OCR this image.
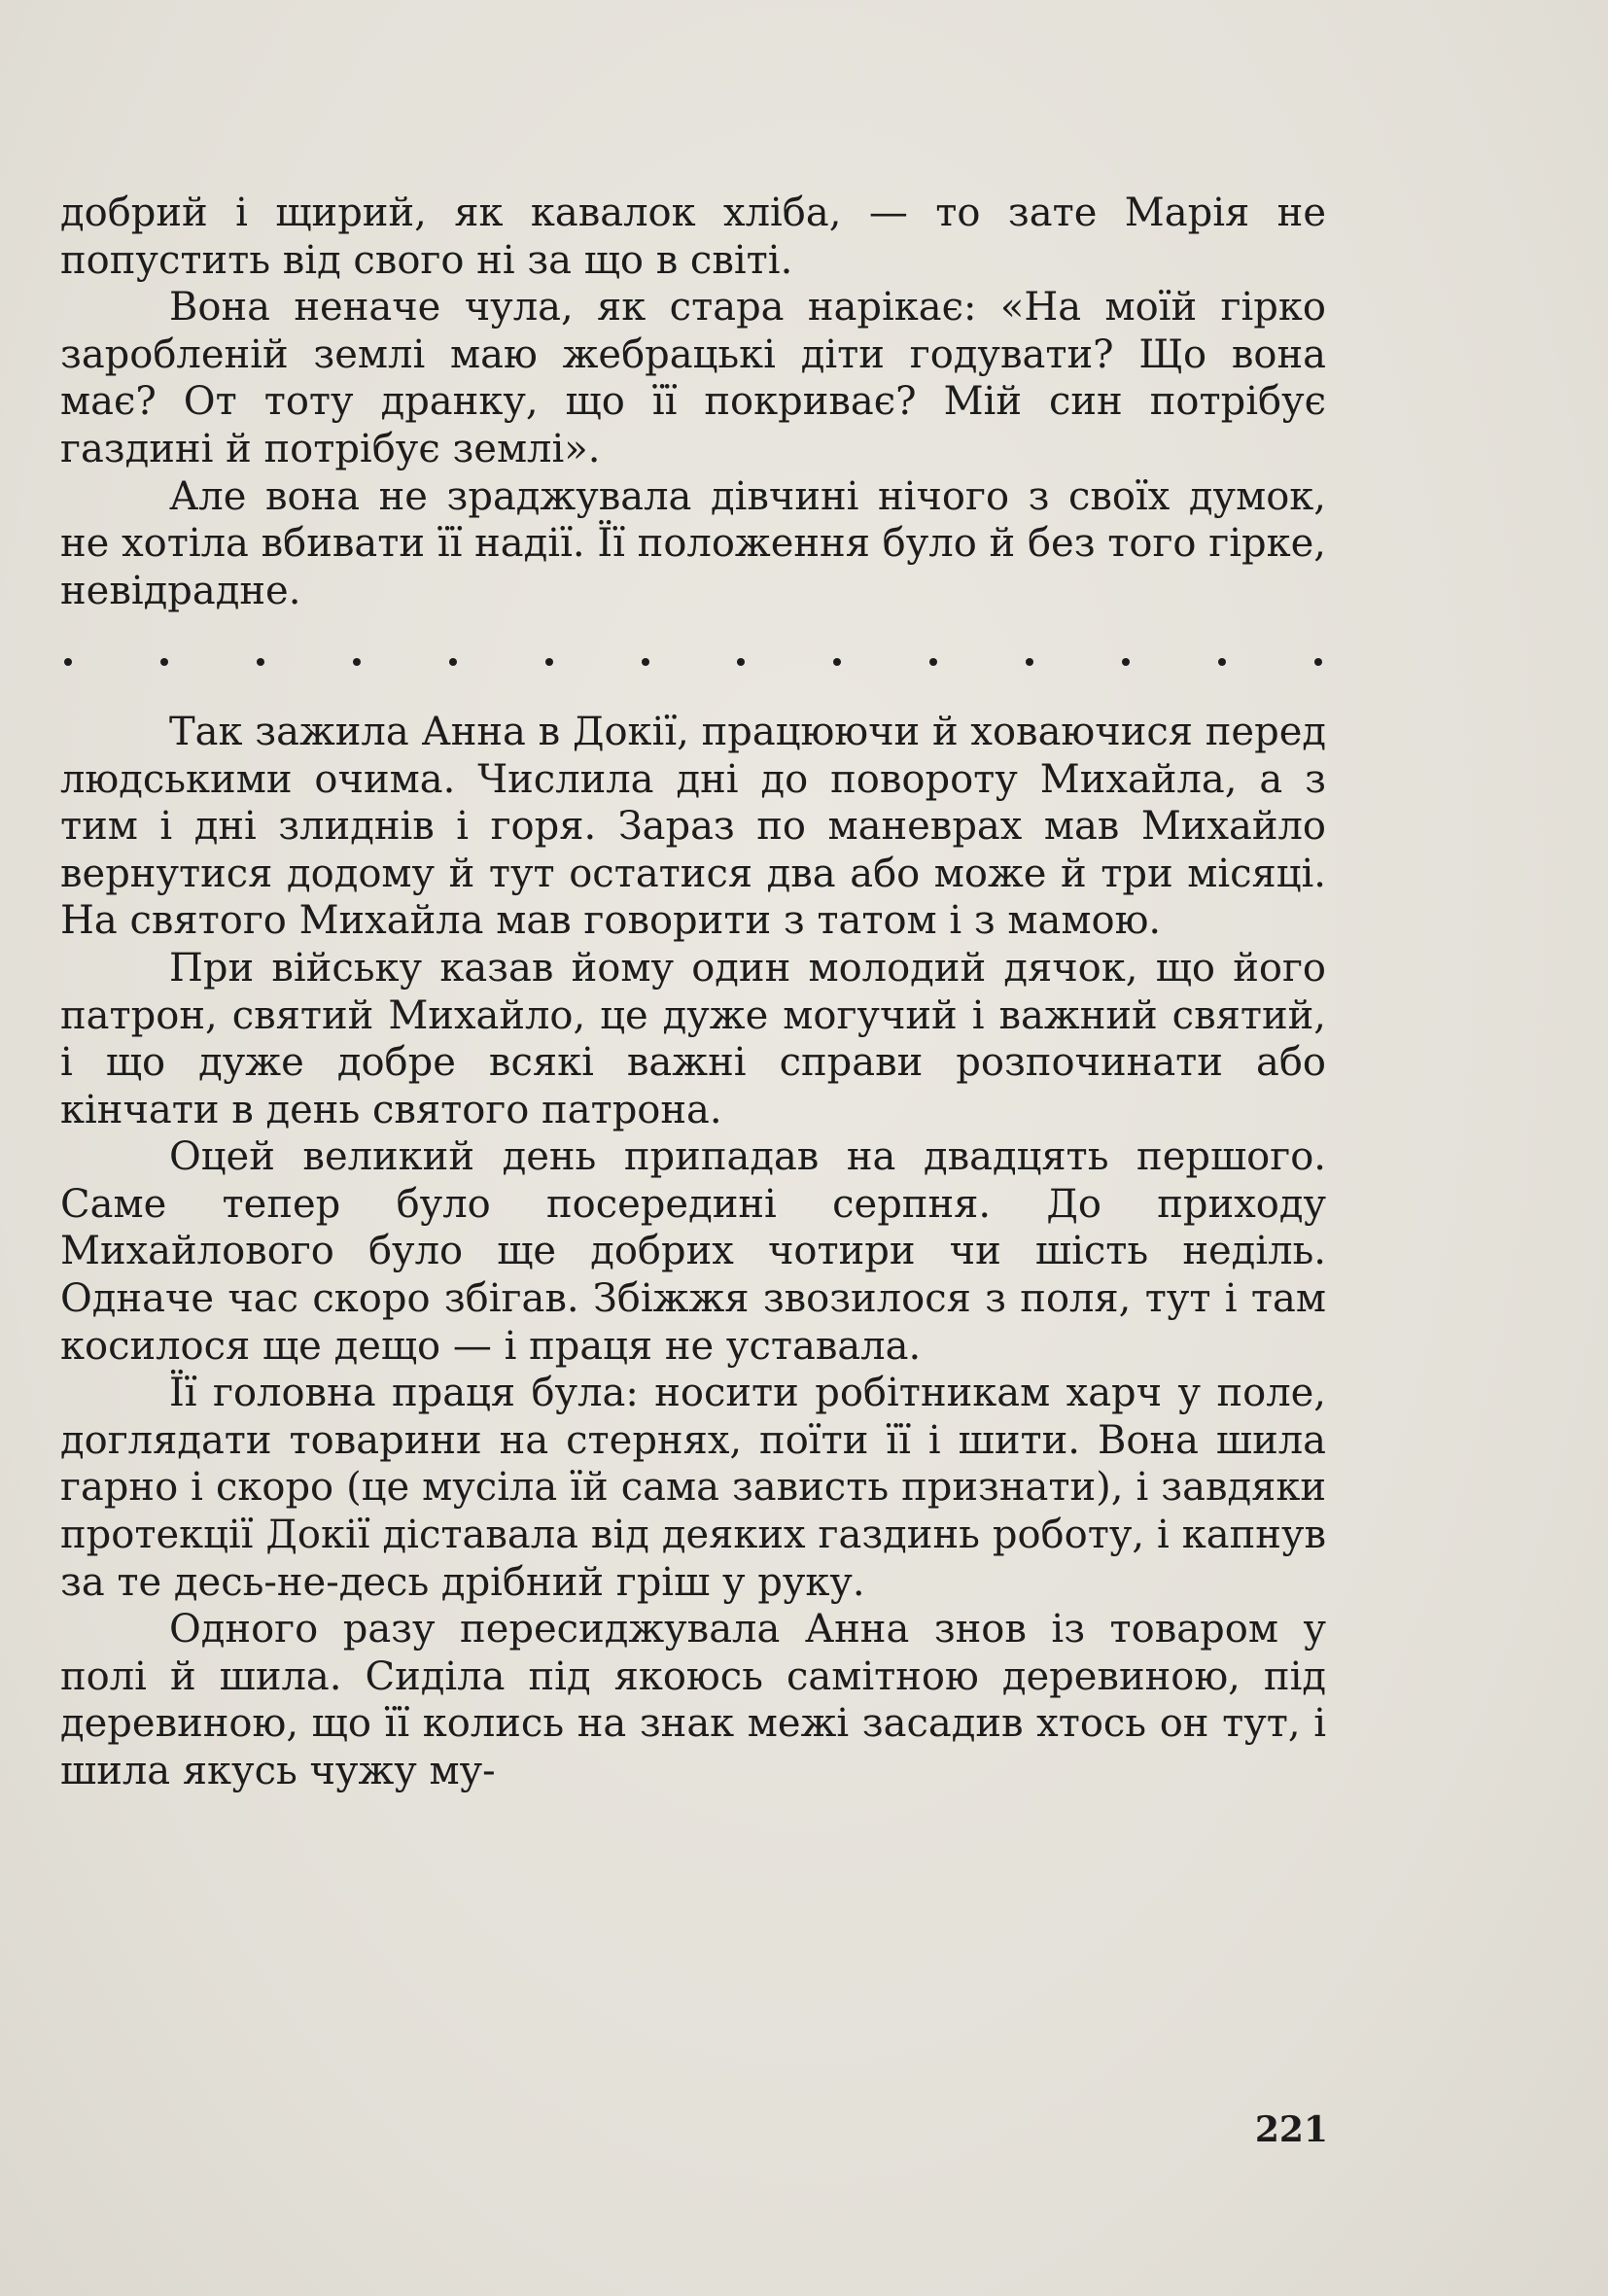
добрий і щирий, як кавалок хліба, — то зате Марія не попустить від свого ні за що в світі.

Вона неначе чула, як стара нарікає: «На моїй гірко заробленій землі маю жебрацькі діти годувати? Що вона має? От тоту дранку, що її покриває? Мій син потрібує газдині й потрібує землі».

Але вона не зраджувала дівчині нічого з своїх думок, не хотіла вбивати її надії. Її положення було й без того гірке, невідрадне.

Так зажила Анна в Докії, працюючи й ховаючися перед людськими очима. Числила дні до повороту Михайла, а з тим і дні злиднів і горя. Зараз по маневрах мав Михайло вернутися додому й тут остатися два або може й три місяці. На святого Михайла мав говорити з татом і з мамою.

При війську казав йому один молодий дячок, що його патрон, святий Михайло, це дуже могучий і важний святий, і що дуже добре всякі важні справи розпочинати або кінчати в день святого патрона.

Оцей великий день припадав на двадцять першого. Саме тепер було посередині серпня. До приходу Михайлового було ще добрих чотири чи шість неділь. Одначе час скоро збігав. Збіжжя звозилося з поля, тут і там косилося ще дещо — і праця не уставала.

Її головна праця була: носити робітникам харч у поле, доглядати товарини на стернях, поїти її і шити. Вона шила гарно і скоро (це мусіла їй сама зависть признати), і завдяки протекції Докії діставала від деяких газдинь роботу, і капнув за те десь-не-десь дрібний гріш у руку.

Одного разу пересиджувала Анна знов із товаром у полі й шила. Сиділа під якоюсь самітною деревиною, під деревиною, що її колись на знак межі засадив хтось он тут, і шила якусь чужу му-

221
